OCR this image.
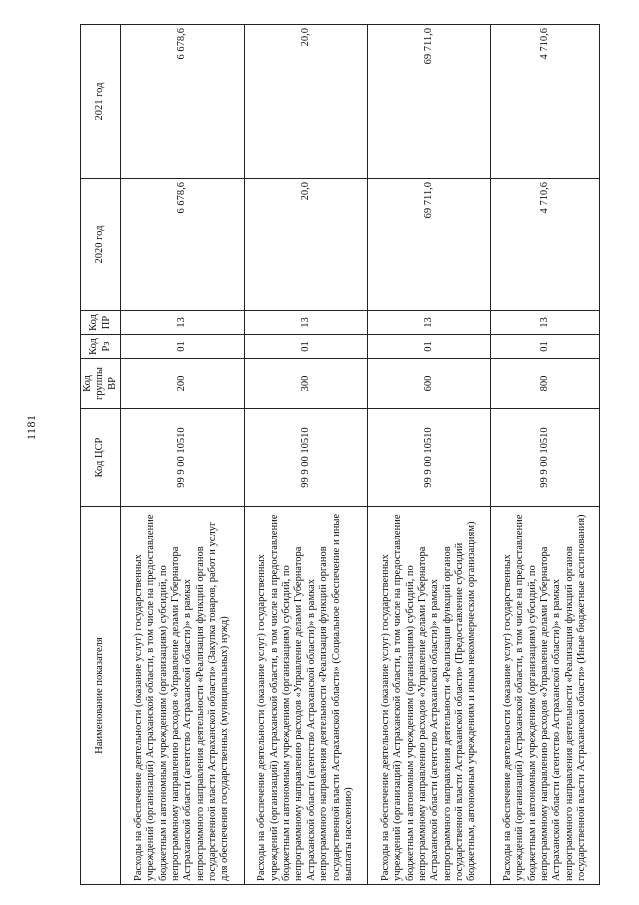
1181
Наименование показателя	Код ЦСР	Код группы ВР	Код Рз	Код ПР	2020 год	2021 год
Расходы на обеспечение деятельности (оказание услуг) государственных учреждений (организаций) Астраханской области, в том числе на предоставление бюджетным и автономным учреждениям (организациям) субсидий, по непрограммному направлению расходов «Управление делами Губернатора Астраханской области (агентство Астраханской области)» в рамках непрограммного направления деятельности «Реализация функций органов государственной власти Астраханской области» (Закупка товаров, работ и услуг для обеспечения государственных (муниципальных) нужд)	99 9 00 10510	200	01	13	6 678,6	6 678,6
Расходы на обеспечение деятельности (оказание услуг) государственных учреждений (организаций) Астраханской области, в том числе на предоставление бюджетным и автономным учреждениям (организациям) субсидий, по непрограммному направлению расходов «Управление делами Губернатора Астраханской области (агентство Астраханской области)» в рамках непрограммного направления деятельности «Реализация функций органов государственной власти Астраханской области» (Социальное обеспечение и иные выплаты населению)	99 9 00 10510	300	01	13	20,0	20,0
Расходы на обеспечение деятельности (оказание услуг) государственных учреждений (организаций) Астраханской области, в том числе на предоставление бюджетным и автономным учреждениям (организациям) субсидий, по непрограммному направлению расходов «Управление делами Губернатора Астраханской области (агентство Астраханской области)» в рамках непрограммного направления деятельности «Реализация функций органов государственной власти Астраханской области» (Предоставление субсидий бюджетным, автономным учреждениям и иным некоммерческим организациям)	99 9 00 10510	600	01	13	69 711,0	69 711,0
Расходы на обеспечение деятельности (оказание услуг) государственных учреждений (организаций) Астраханской области, в том числе на предоставление бюджетным и автономным учреждениям (организациям) субсидий, по непрограммному направлению расходов «Управление делами Губернатора Астраханской области (агентство Астраханской области)» в рамках непрограммного направления деятельности «Реализация функций органов государственной власти Астраханской области» (Иные бюджетные ассигнования)	99 9 00 10510	800	01	13	4 710,6	4 710,6
